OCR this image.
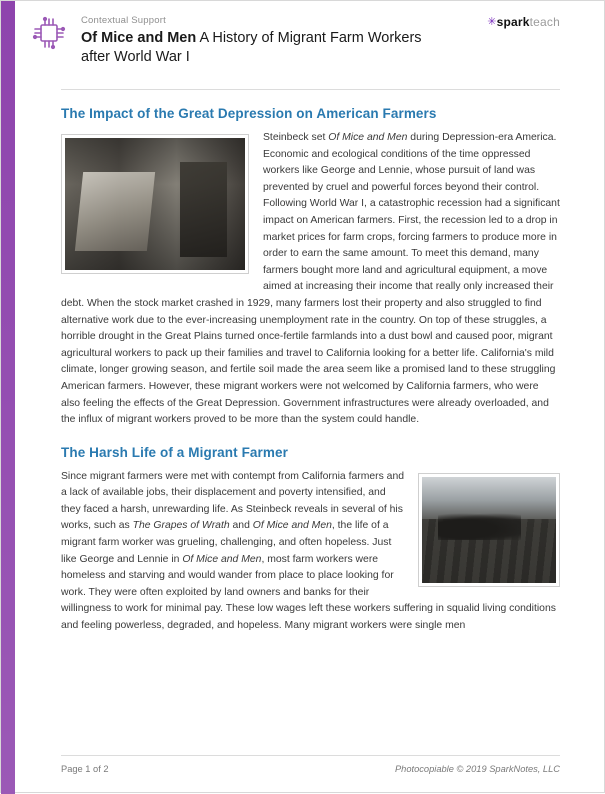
Contextual Support
Of Mice and Men A History of Migrant Farm Workers after World War I
✳sparkteach
The Impact of the Great Depression on American Farmers

Steinbeck set Of Mice and Men during Depression-era America. Economic and ecological conditions of the time oppressed workers like George and Lennie, whose pursuit of land was prevented by cruel and powerful forces beyond their control. Following World War I, a catastrophic recession had a significant impact on American farmers. First, the recession led to a drop in market prices for farm crops, forcing farmers to produce more in order to earn the same amount. To meet this demand, many farmers bought more land and agricultural equipment, a move aimed at increasing their income that really only increased their debt. When the stock market crashed in 1929, many farmers lost their property and also struggled to find alternative work due to the ever-increasing unemployment rate in the country. On top of these struggles, a horrible drought in the Great Plains turned once-fertile farmlands into a dust bowl and caused poor, migrant agricultural workers to pack up their families and travel to California looking for a better life. California's mild climate, longer growing season, and fertile soil made the area seem like a promised land to these struggling American farmers. However, these migrant workers were not welcomed by California farmers, who were also feeling the effects of the Great Depression. Government infrastructures were already overloaded, and the influx of migrant workers proved to be more than the system could handle.

The Harsh Life of a Migrant Farmer

Since migrant farmers were met with contempt from California farmers and a lack of available jobs, their displacement and poverty intensified, and they faced a harsh, unrewarding life. As Steinbeck reveals in several of his works, such as The Grapes of Wrath and Of Mice and Men, the life of a migrant farm worker was grueling, challenging, and often hopeless. Just like George and Lennie in Of Mice and Men, most farm workers were homeless and starving and would wander from place to place looking for work. They were often exploited by land owners and banks for their willingness to work for minimal pay. These low wages left these workers suffering in squalid living conditions and feeling powerless, degraded, and hopeless. Many migrant workers were single men

Page 1 of 2	Photocopiable © 2019 SparkNotes, LLC
